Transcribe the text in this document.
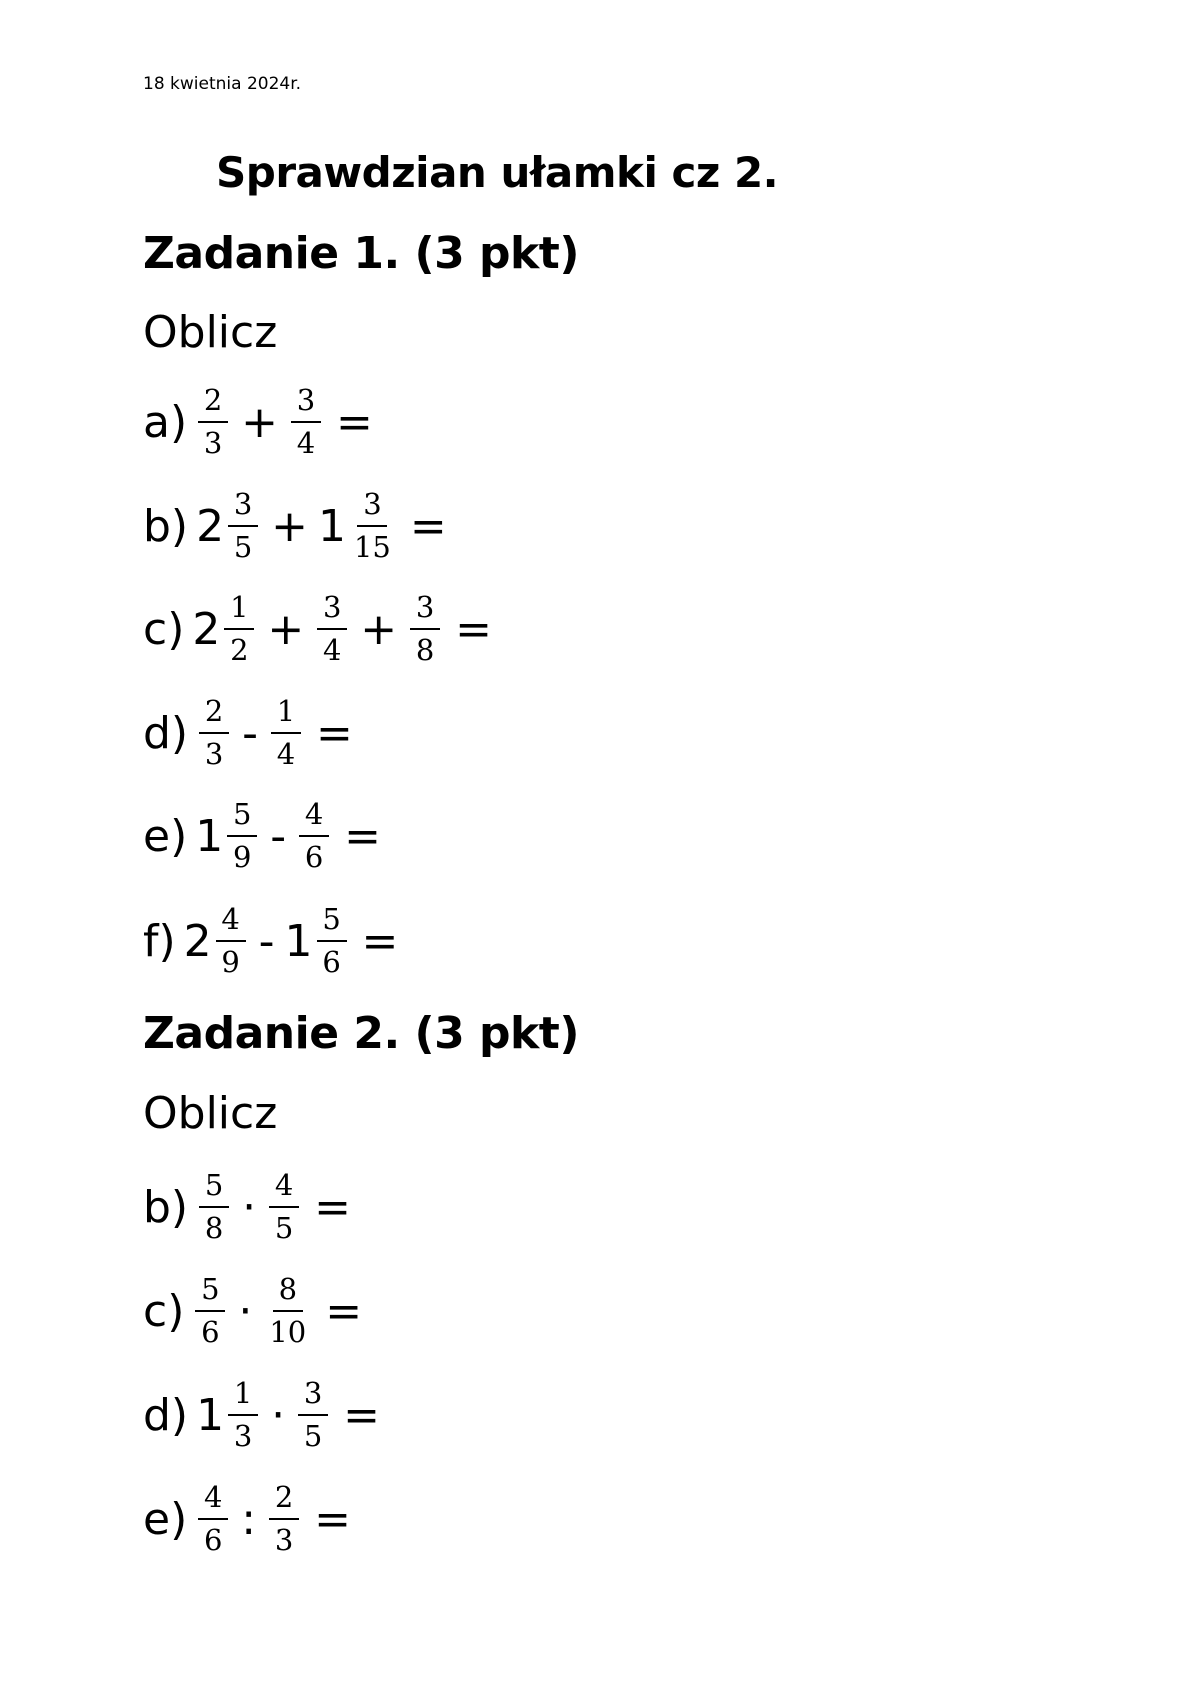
18 kwietnia 2024r.
Sprawdzian ułamki cz 2.
Zadanie 1. (3 pkt)
Oblicz
Zadanie 2. (3 pkt)
Oblicz
$a) \frac{2}{3} + \frac{3}{4}$ =
b) $2 \frac{3}{5} + 1 \frac{3}{15}$ =
c) $2 \frac{1}{2} + \frac{3}{4} + \frac{3}{8}$ =
$d) \frac{2}{3} - \frac{1}{4}$ =
e) $1 \frac{5}{9} - \frac{4}{6}$ =
f) $2 \frac{4}{9} - 1 \frac{5}{6}$ =
$b) \frac{5}{8} \cdot \frac{4}{5}$ =
$c) \frac{5}{6} \cdot \frac{8}{10}$ =
d) $1 \frac{1}{3} \cdot \frac{3}{5}$ =
$e) \frac{4}{6}$ : $\frac{2}{3}$ =
